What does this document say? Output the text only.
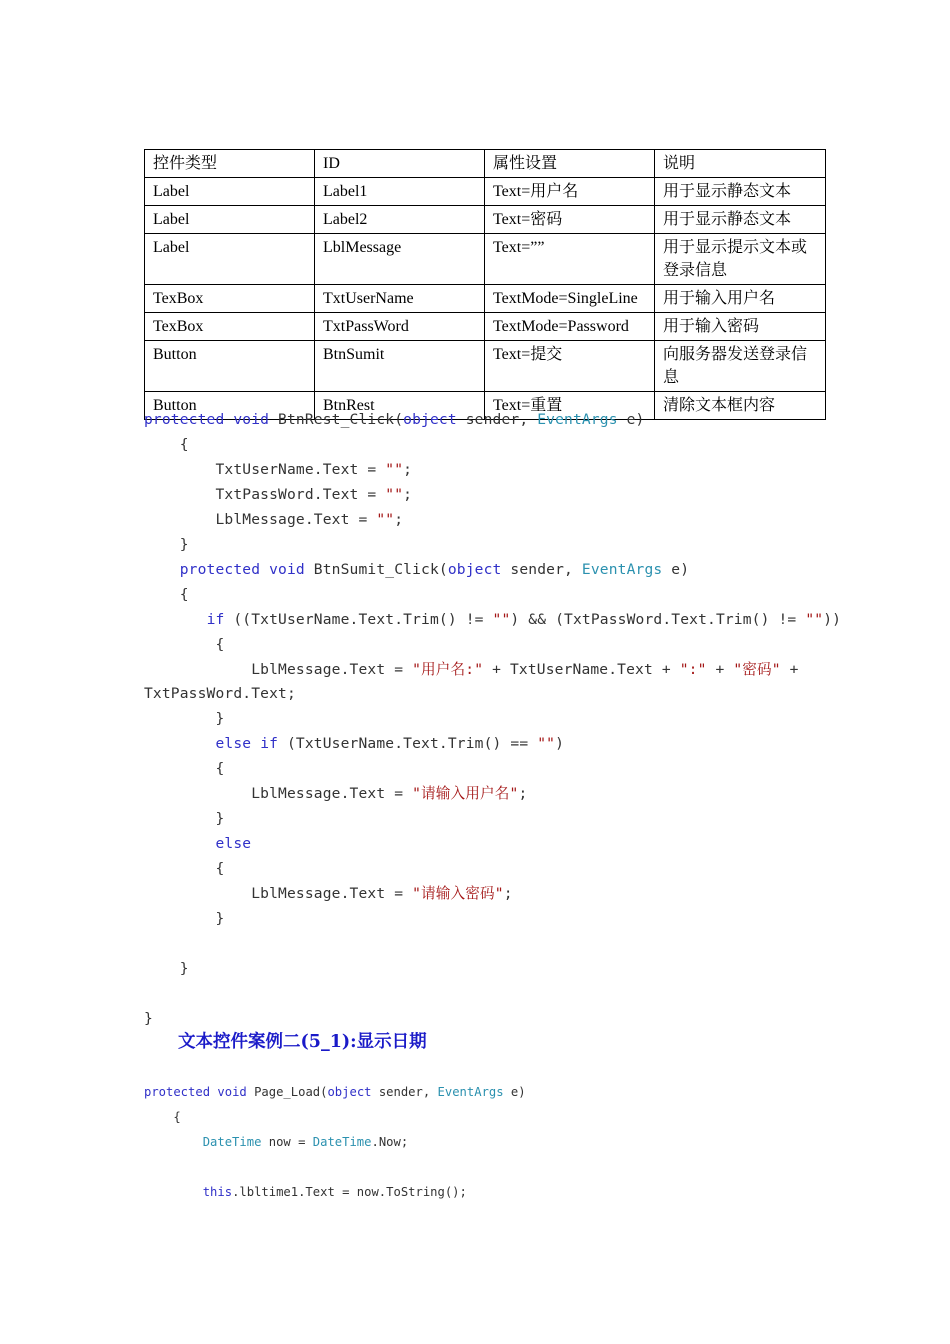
控件类型	ID	属性设置	说明
Label	Label1	Text=用户名	用于显示静态文本
Label	Label2	Text=密码	用于显示静态文本
Label	LblMessage	Text=””	用于显示提示文本或登录信息
TexBox	TxtUserName	TextMode=SingleLine	用于输入用户名
TexBox	TxtPassWord	TextMode=Password	用于输入密码
Button	BtnSumit	Text=提交	向服务器发送登录信息
Button	BtnRest	Text=重置	清除文本框内容
protected void BtnRest_Click(object sender, EventArgs e)
{
TxtUserName.Text = "";
TxtPassWord.Text = "";
LblMessage.Text = "";
}
protected void BtnSumit_Click(object sender, EventArgs e)
{
if ((TxtUserName.Text.Trim() != "") && (TxtPassWord.Text.Trim() != ""))
{
LblMessage.Text = "用户名:" + TxtUserName.Text + ":" + "密码" +
TxtPassWord.Text;
}
else if (TxtUserName.Text.Trim() == "")
{
LblMessage.Text = "请输入用户名";
}
else
{
LblMessage.Text = "请输入密码";
}
}
}
文本控件案例二(5_1):显示日期
protected void Page_Load(object sender, EventArgs e)
{
DateTime now = DateTime.Now;
this.lbltime1.Text = now.ToString();
